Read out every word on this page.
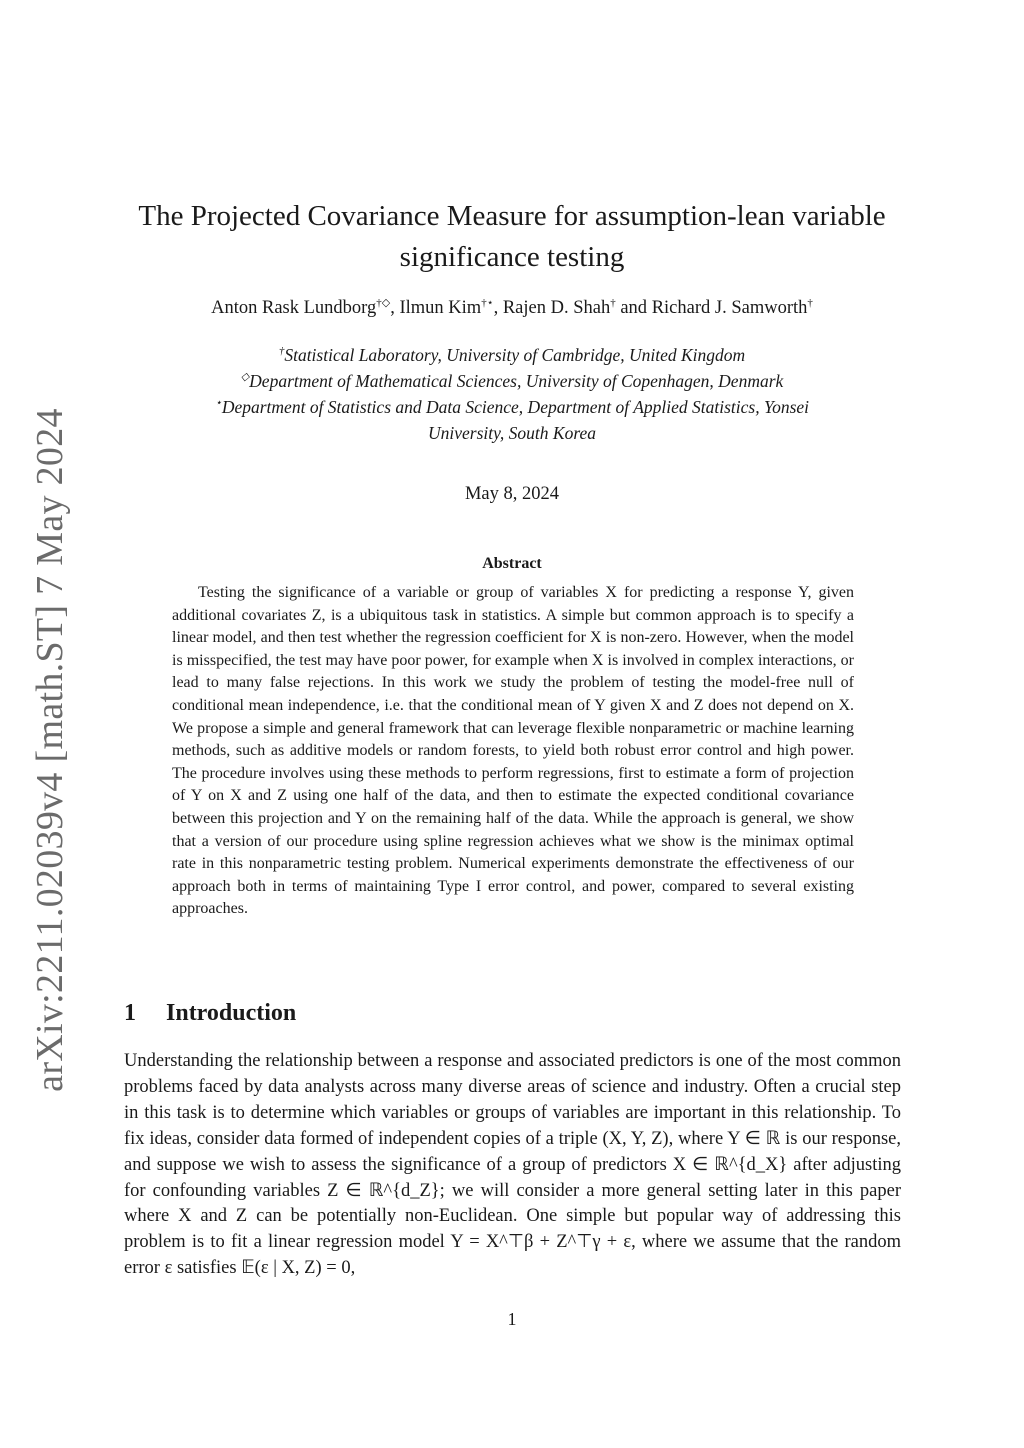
arXiv:2211.02039v4 [math.ST] 7 May 2024
The Projected Covariance Measure for assumption-lean variable
significance testing
Anton Rask Lundborg†◇, Ilmun Kim†⋆, Rajen D. Shah† and Richard J. Samworth†
†Statistical Laboratory, University of Cambridge, United Kingdom
◇Department of Mathematical Sciences, University of Copenhagen, Denmark
⋆Department of Statistics and Data Science, Department of Applied Statistics, Yonsei
University, South Korea
May 8, 2024
Abstract

Testing the significance of a variable or group of variables X for predicting a response Y, given additional covariates Z, is a ubiquitous task in statistics. A simple but common approach is to specify a linear model, and then test whether the regression coefficient for X is non-zero. However, when the model is misspecified, the test may have poor power, for example when X is involved in complex interactions, or lead to many false rejections. In this work we study the problem of testing the model-free null of conditional mean independence, i.e. that the conditional mean of Y given X and Z does not depend on X. We propose a simple and general framework that can leverage flexible nonparametric or machine learning methods, such as additive models or random forests, to yield both robust error control and high power. The procedure involves using these methods to perform regressions, first to estimate a form of projection of Y on X and Z using one half of the data, and then to estimate the expected conditional covariance between this projection and Y on the remaining half of the data. While the approach is general, we show that a version of our procedure using spline regression achieves what we show is the minimax optimal rate in this nonparametric testing problem. Numerical experiments demonstrate the effectiveness of our approach both in terms of maintaining Type I error control, and power, compared to several existing approaches.

1 Introduction

Understanding the relationship between a response and associated predictors is one of the most common problems faced by data analysts across many diverse areas of science and industry. Often a crucial step in this task is to determine which variables or groups of variables are important in this relationship. To fix ideas, consider data formed of independent copies of a triple (X, Y, Z), where Y ∈ ℝ is our response, and suppose we wish to assess the significance of a group of predictors X ∈ ℝ^{d_X} after adjusting for confounding variables Z ∈ ℝ^{d_Z}; we will consider a more general setting later in this paper where X and Z can be potentially non-Euclidean. One simple but popular way of addressing this problem is to fit a linear regression model Y = X^⊤β + Z^⊤γ + ε, where we assume that the random error ε satisfies 𝔼(ε | X, Z) = 0,

1
